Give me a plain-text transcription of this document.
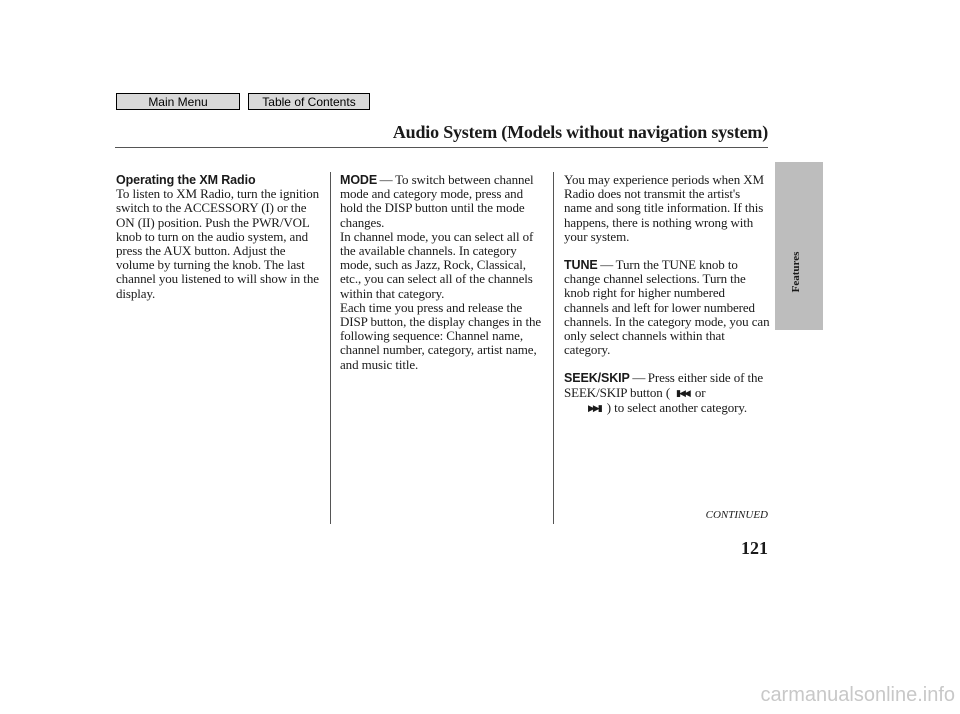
Main Menu	Table of Contents
Audio System (Models without navigation system)

Operating the XM Radio

To listen to XM Radio, turn the ignition switch to the ACCESSORY (I) or the ON (II) position. Push the PWR/VOL knob to turn on the audio system, and press the AUX button. Adjust the volume by turning the knob. The last channel you listened to will show in the display.

MODE — To switch between channel mode and category mode, press and hold the DISP button until the mode changes.

In channel mode, you can select all of the available channels. In category mode, such as Jazz, Rock, Classical, etc., you can select all of the channels within that category.

Each time you press and release the DISP button, the display changes in the following sequence: Channel name, channel number, category, artist name, and music title.

You may experience periods when XM Radio does not transmit the artist's name and song title information. If this happens, there is nothing wrong with your system.

TUNE — Turn the TUNE knob to change channel selections. Turn the knob right for higher numbered channels and left for lower numbered channels. In the category mode, you can only select channels within that category.

SEEK/SKIP — Press either side of the SEEK/SKIP button ( ▮◀◀ or
▶▶▮ ) to select another category.

Features
CONTINUED
121
carmanualsonline.info
